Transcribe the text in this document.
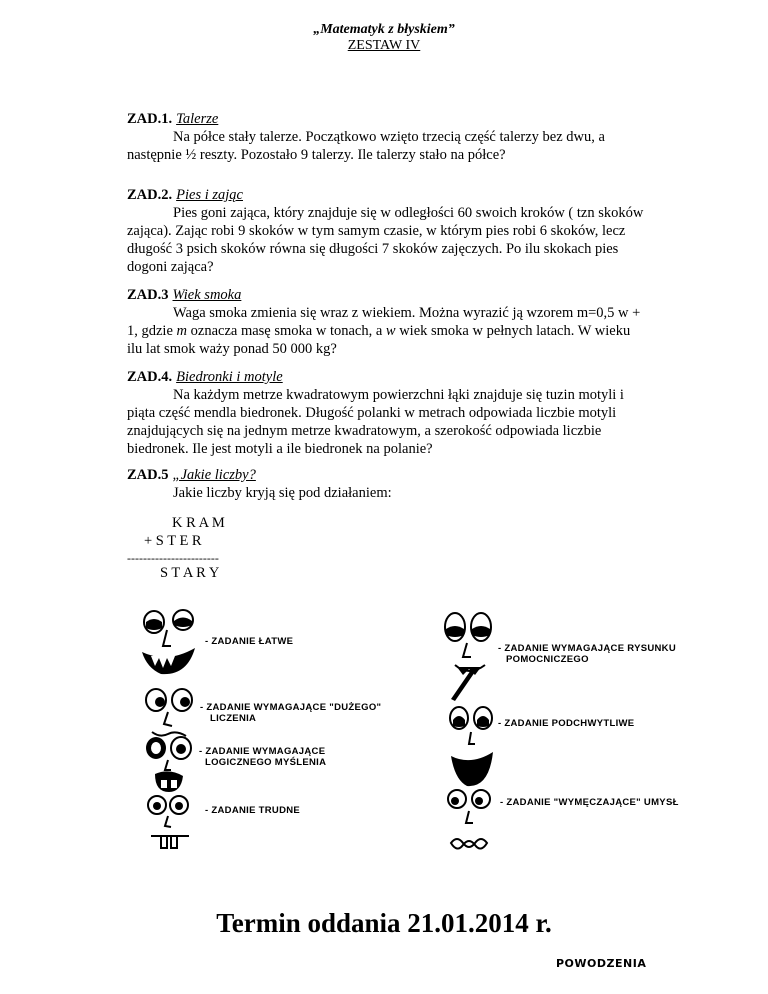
„Matematyk z błyskiem”
ZESTAW IV
ZAD.1. Talerze

Na półce stały talerze. Początkowo wzięto trzecią część talerzy bez dwu, a następnie ½ reszty. Pozostało 9 talerzy. Ile talerzy stało na półce?

ZAD.2. Pies i zając

Pies goni zająca, który znajduje się w odległości 60 swoich kroków ( tzn skoków zająca). Zając robi 9 skoków w tym samym czasie, w którym pies robi 6 skoków, lecz długość 3 psich skoków równa się długości 7 skoków zajęczych. Po ilu skokach pies dogoni zająca?

ZAD.3 Wiek smoka

Waga smoka zmienia się wraz z wiekiem. Można wyrazić ją wzorem m=0,5 w + 1, gdzie m oznacza masę smoka w tonach, a w wiek smoka w pełnych latach. W wieku ilu lat smok waży ponad 50 000 kg?

ZAD.4. Biedronki i motyle

Na każdym metrze kwadratowym powierzchni łąki znajduje się tuzin motyli i piąta część mendla biedronek. Długość polanki w metrach odpowiada liczbie motyli znajdujących się na jednym metrze kwadratowym, a szerokość odpowiada liczbie biedronek. Ile jest motyli a ile biedronek na polanie?

ZAD.5 „Jakie liczby?

Jakie liczby kryją się pod działaniem:

K R A M
+ S T E R
-----------------------
S T A R Y
- ZADANIE ŁATWE
- ZADANIE WYMAGAJĄCE "DUŻEGO"
LICZENIA
- ZADANIE WYMAGAJĄCE
LOGICZNEGO MYŚLENIA
- ZADANIE TRUDNE
- ZADANIE WYMAGAJĄCE RYSUNKU
POMOCNICZEGO
- ZADANIE PODCHWYTLIWE
- ZADANIE "WYMĘCZAJĄCE" UMYSŁ
Termin oddania 21.01.2014 r.
POWODZENIA
